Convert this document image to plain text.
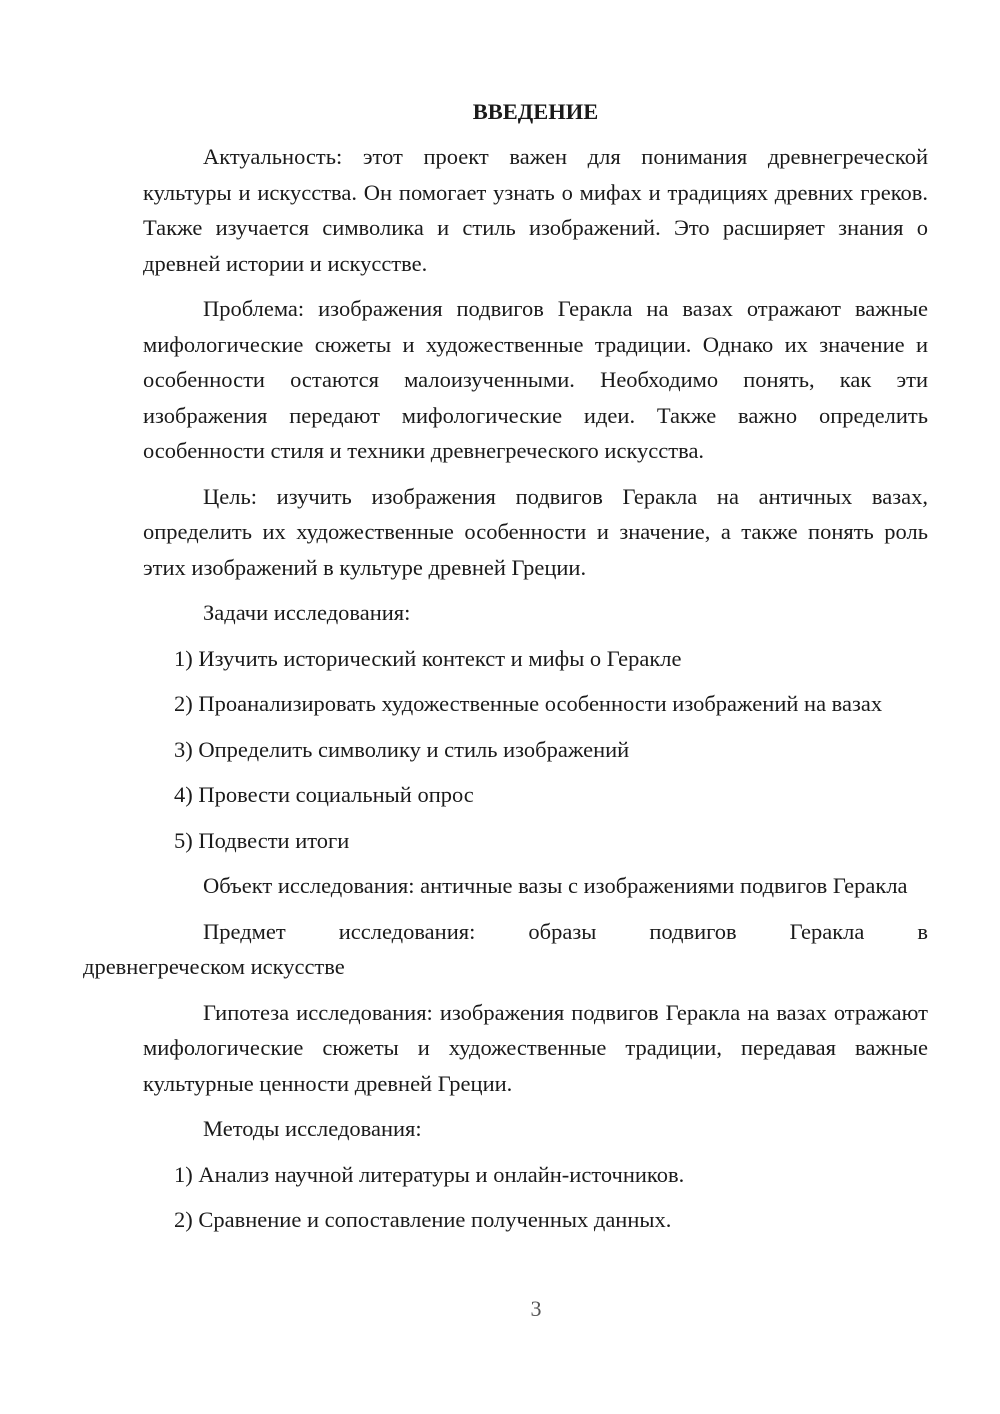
ВВЕДЕНИЕ
Актуальность: этот проект важен для понимания древнегреческой культуры и искусства. Он помогает узнать о мифах и традициях древних греков. Также изучается символика и стиль изображений. Это расширяет знания о древней истории и искусстве.
Проблема: изображения подвигов Геракла на вазах отражают важные мифологические сюжеты и художественные традиции. Однако их значение и особенности остаются малоизученными. Необходимо понять, как эти изображения передают мифологические идеи. Также важно определить особенности стиля и техники древнегреческого искусства.
Цель: изучить изображения подвигов Геракла на античных вазах, определить их художественные особенности и значение, а также понять роль этих изображений в культуре древней Греции.
Задачи исследования:
1) Изучить исторический контекст и мифы о Геракле
2) Проанализировать художественные особенности изображений на вазах
3) Определить символику и стиль изображений
4) Провести социальный опрос
5) Подвести итоги
Объект исследования: античные вазы с изображениями подвигов Геракла
Предмет исследования: образы подвигов Геракла в
древнегреческом искусстве
Гипотеза исследования: изображения подвигов Геракла на вазах отражают мифологические сюжеты и художественные традиции, передавая важные культурные ценности древней Греции.
Методы исследования:
1) Анализ научной литературы и онлайн-источников.
2) Сравнение и сопоставление полученных данных.
3
